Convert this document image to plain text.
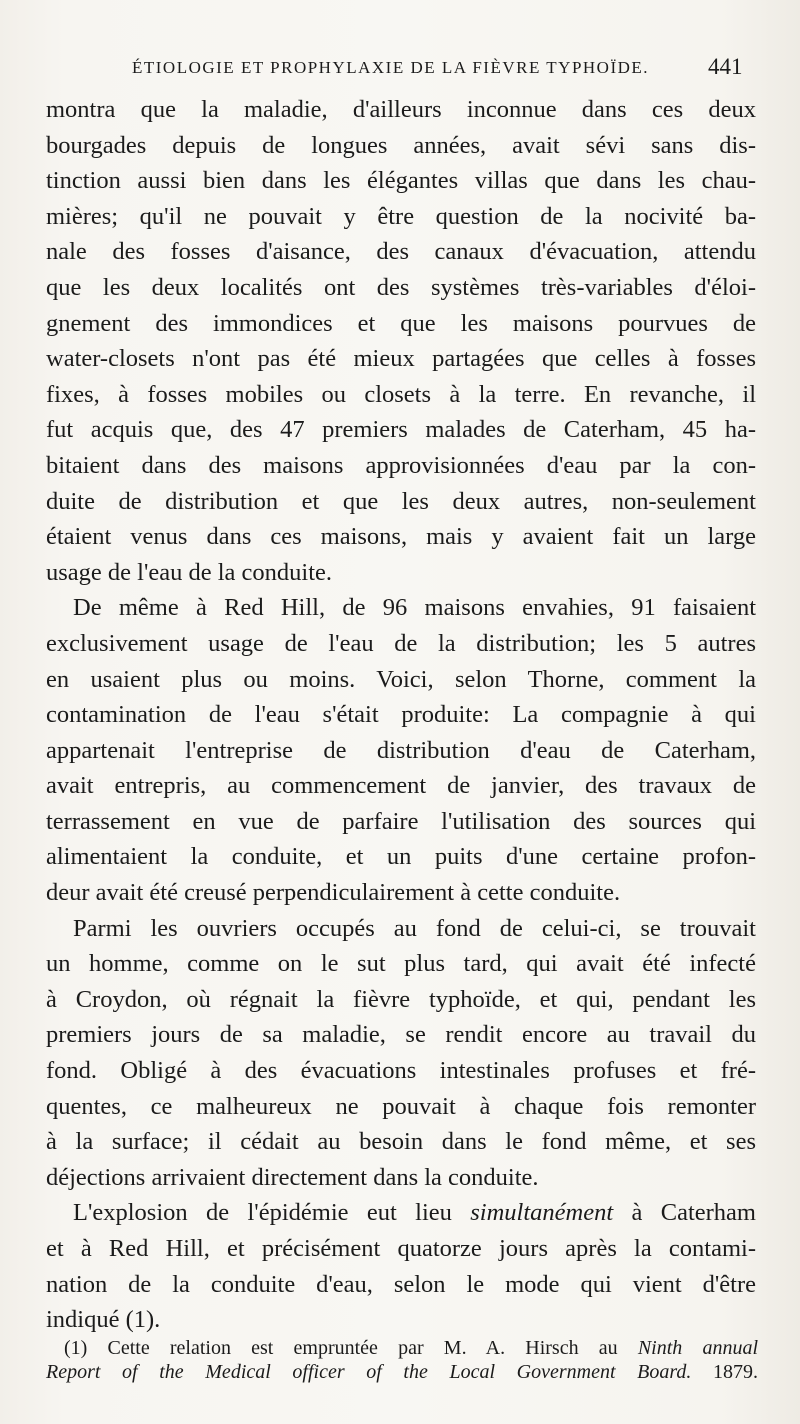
ÉTIOLOGIE ET PROPHYLAXIE DE LA FIÈVRE TYPHOÏDE.	441

montra que la maladie, d'ailleurs inconnue dans ces deux
bourgades depuis de longues années, avait sévi sans dis-
tinction aussi bien dans les élégantes villas que dans les chau-
mières; qu'il ne pouvait y être question de la nocivité ba-
nale des fosses d'aisance, des canaux d'évacuation, attendu
que les deux localités ont des systèmes très-variables d'éloi-
gnement des immondices et que les maisons pourvues de
water-closets n'ont pas été mieux partagées que celles à fosses
fixes, à fosses mobiles ou closets à la terre. En revanche, il
fut acquis que, des 47 premiers malades de Caterham, 45 ha-
bitaient dans des maisons approvisionnées d'eau par la con-
duite de distribution et que les deux autres, non-seulement
étaient venus dans ces maisons, mais y avaient fait un large
usage de l'eau de la conduite.

De même à Red Hill, de 96 maisons envahies, 91 faisaient
exclusivement usage de l'eau de la distribution; les 5 autres
en usaient plus ou moins. Voici, selon Thorne, comment la
contamination de l'eau s'était produite: La compagnie à qui
appartenait l'entreprise de distribution d'eau de Caterham,
avait entrepris, au commencement de janvier, des travaux de
terrassement en vue de parfaire l'utilisation des sources qui
alimentaient la conduite, et un puits d'une certaine profon-
deur avait été creusé perpendiculairement à cette conduite.

Parmi les ouvriers occupés au fond de celui-ci, se trouvait
un homme, comme on le sut plus tard, qui avait été infecté
à Croydon, où régnait la fièvre typhoïde, et qui, pendant les
premiers jours de sa maladie, se rendit encore au travail du
fond. Obligé à des évacuations intestinales profuses et fré-
quentes, ce malheureux ne pouvait à chaque fois remonter
à la surface; il cédait au besoin dans le fond même, et ses
déjections arrivaient directement dans la conduite.

L'explosion de l'épidémie eut lieu simultanément à Caterham
et à Red Hill, et précisément quatorze jours après la contami-
nation de la conduite d'eau, selon le mode qui vient d'être
indiqué (1).

(1) Cette relation est empruntée par M. A. Hirsch au Ninth annual
Report of the Medical officer of the Local Government Board. 1879.
